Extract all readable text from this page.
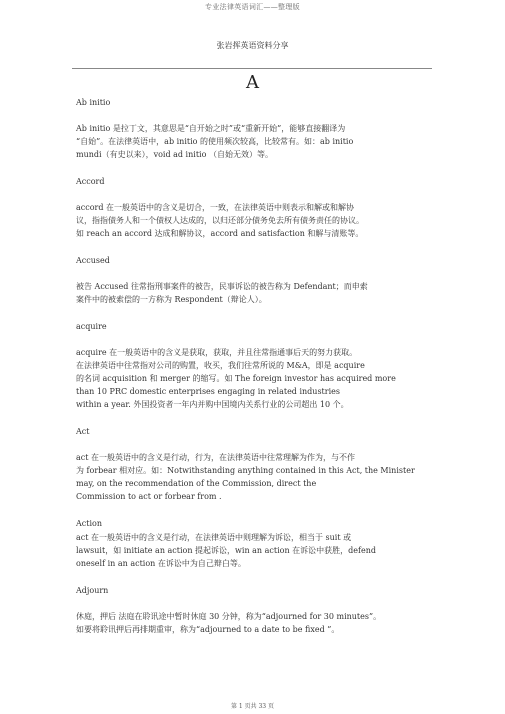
专业法律英语词汇——整理版
张岩挥英语资料分享
A

Ab initio

Ab initio 是拉丁文，其意思是“自开始之时”或“重新开始”，能够直接翻译为

“自始”。在法律英语中，ab initio 的使用频次较高，比较常有。如：ab initio

mundi（有史以来），void ad initio （自始无效）等。

Accord

accord 在一般英语中的含义是切合，一致，在法律英语中则表示和解或和解协

议，指指债务人和一个债权人达成的，以归还部分债务免去所有债务责任的协议。

如 reach an accord 达成和解协议，accord and satisfaction 和解与清账等。

Accused

被告 Accused 往常指刑事案件的被告，民事诉讼的被告称为 Defendant；而申索

案件中的被索偿的一方称为 Respondent（辩论人）。

acquire

acquire 在一般英语中的含义是获取，获取，并且往常指通事后天的努力获取。

在法律英语中往常指对公司的购置，收买，我们往常所说的 M&A，即是 acquire

的名词 acquisition 和 merger 的缩写。如 The foreign investor has acquired more

than 10 PRC domestic enterprises engaging in related industries

within a year. 外国投资者一年内并购中国境内关系行业的公司超出 10 个。

Act

act 在一般英语中的含义是行动，行为，在法律英语中往常理解为作为，与不作

为 forbear 相对应。如：Notwithstanding anything contained in this Act, the Minister

may, on the recommendation of the Commission, direct the

Commission to act or forbear from .

Action

act 在一般英语中的含义是行动，在法律英语中则理解为诉讼，相当于 suit 或

lawsuit，如 initiate an action 提起诉讼，win an action 在诉讼中获胜，defend

oneself in an action 在诉讼中为自己辩白等。

Adjourn

休庭，押后 法庭在聆讯途中暂时休庭 30 分钟，称为“adjourned for 30 minutes”。

如要将聆讯押后再排期重审，称为“adjourned to a date to be fixed ”。

第 1 页共 33 页
